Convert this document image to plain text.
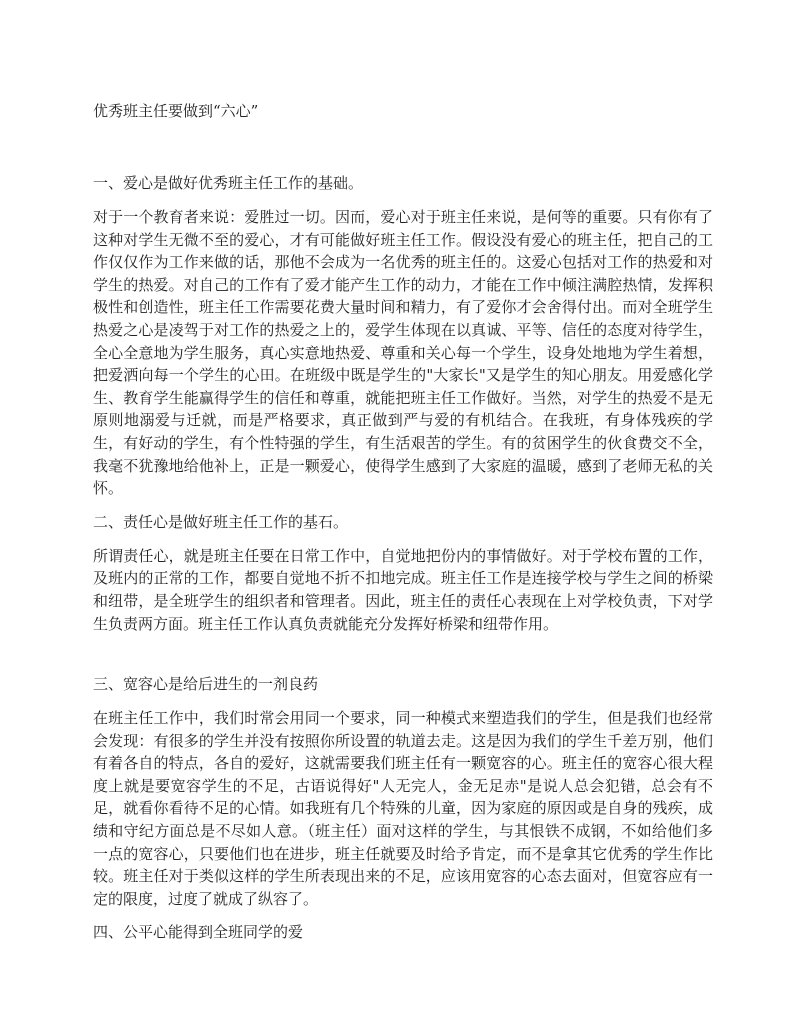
优秀班主任要做到“六心”
一、爱心是做好优秀班主任工作的基础。

对于一个教育者来说：爱胜过一切。因而，爱心对于班主任来说，是何等的重要。只有你有了这种对学生无微不至的爱心，才有可能做好班主任工作。假设没有爱心的班主任，把自己的工作仅仅作为工作来做的话，那他不会成为一名优秀的班主任的。这爱心包括对工作的热爱和对学生的热爱。对自己的工作有了爱才能产生工作的动力，才能在工作中倾注满腔热情，发挥积极性和创造性，班主任工作需要花费大量时间和精力，有了爱你才会舍得付出。而对全班学生热爱之心是凌驾于对工作的热爱之上的，爱学生体现在以真诚、平等、信任的态度对待学生，全心全意地为学生服务，真心实意地热爱、尊重和关心每一个学生，设身处地地为学生着想，把爱洒向每一个学生的心田。在班级中既是学生的"大家长"又是学生的知心朋友。用爱感化学生、教育学生能赢得学生的信任和尊重，就能把班主任工作做好。当然，对学生的热爱不是无原则地溺爱与迁就，而是严格要求，真正做到严与爱的有机结合。在我班，有身体残疾的学生，有好动的学生，有个性特强的学生，有生活艰苦的学生。有的贫困学生的伙食费交不全，我毫不犹豫地给他补上，正是一颗爱心，使得学生感到了大家庭的温暖，感到了老师无私的关怀。

二、责任心是做好班主任工作的基石。

所谓责任心，就是班主任要在日常工作中，自觉地把份内的事情做好。对于学校布置的工作，及班内的正常的工作，都要自觉地不折不扣地完成。班主任工作是连接学校与学生之间的桥梁和纽带，是全班学生的组织者和管理者。因此，班主任的责任心表现在上对学校负责，下对学生负责两方面。班主任工作认真负责就能充分发挥好桥梁和纽带作用。

三、宽容心是给后进生的一剂良药

在班主任工作中，我们时常会用同一个要求，同一种模式来塑造我们的学生，但是我们也经常会发现：有很多的学生并没有按照你所设置的轨道去走。这是因为我们的学生千差万别，他们有着各自的特点，各自的爱好，这就需要我们班主任有一颗宽容的心。班主任的宽容心很大程度上就是要宽容学生的不足，古语说得好"人无完人，金无足赤"是说人总会犯错，总会有不足，就看你看待不足的心情。如我班有几个特殊的儿童，因为家庭的原因或是自身的残疾，成绩和守纪方面总是不尽如人意。（班主任）面对这样的学生，与其恨铁不成钢，不如给他们多一点的宽容心，只要他们也在进步，班主任就要及时给予肯定，而不是拿其它优秀的学生作比较。班主任对于类似这样的学生所表现出来的不足，应该用宽容的心态去面对，但宽容应有一定的限度，过度了就成了纵容了。

四、公平心能得到全班同学的爱
